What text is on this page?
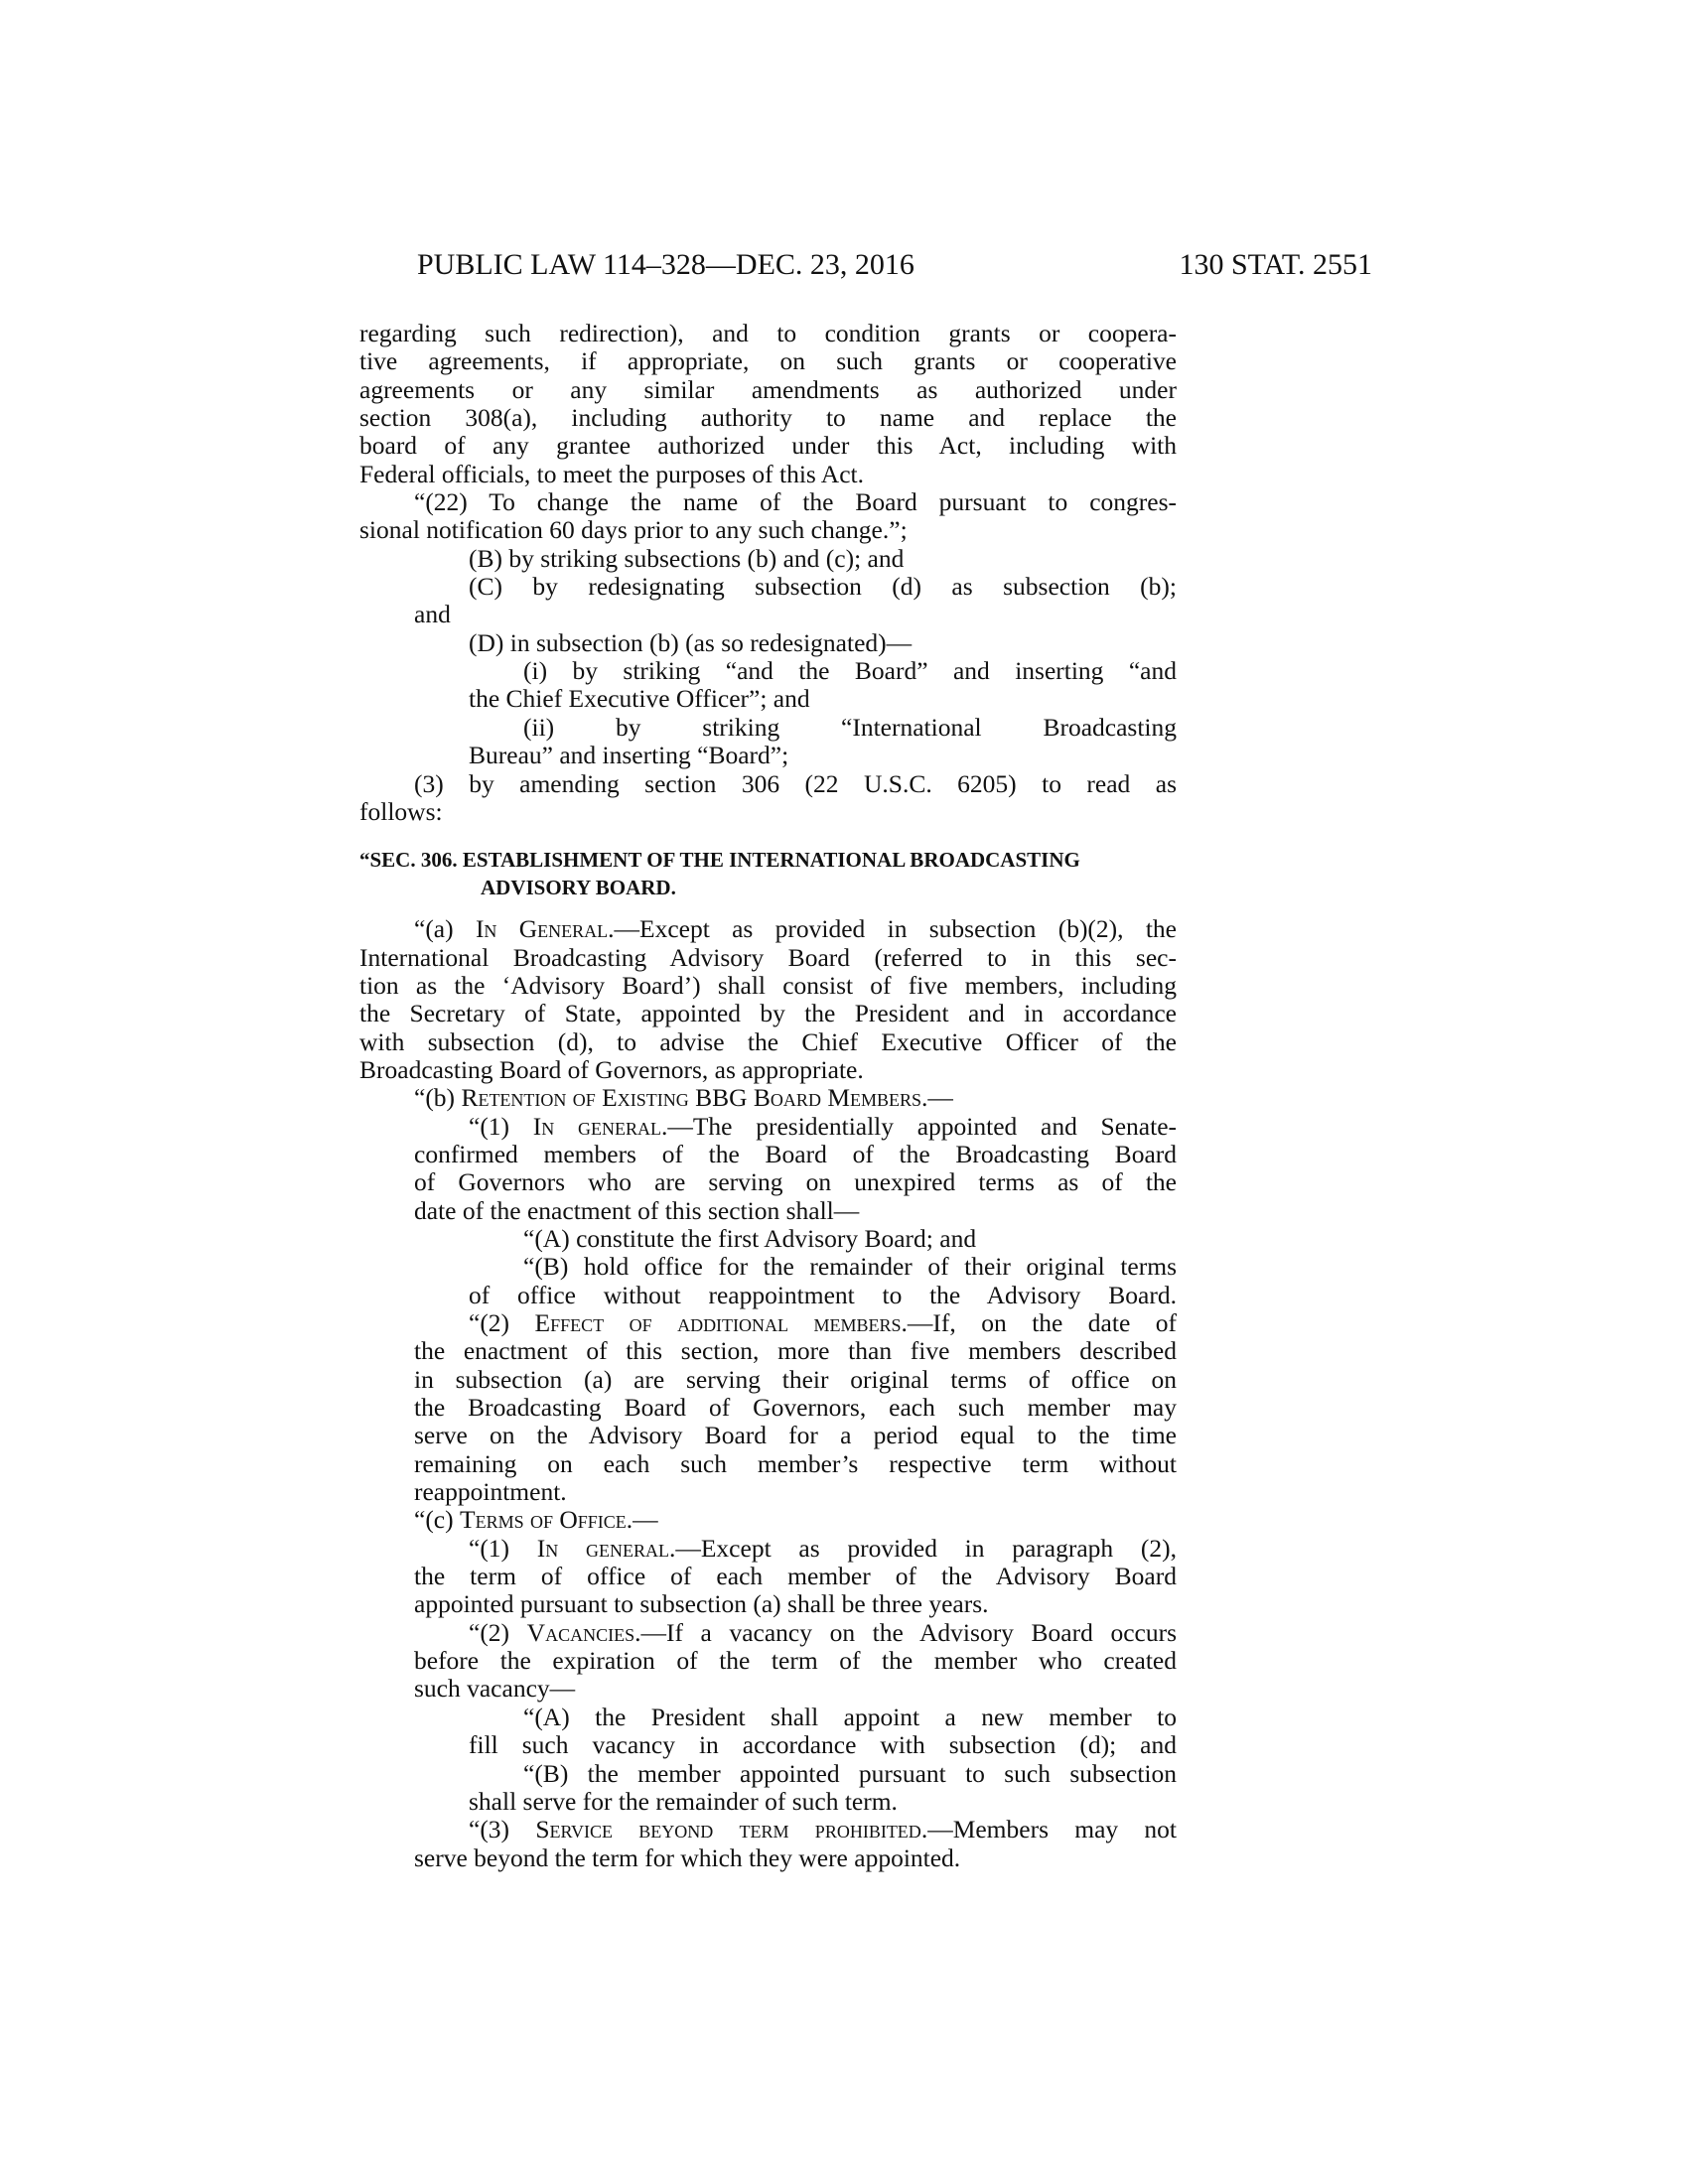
PUBLIC LAW 114–328—DEC. 23, 2016	130 STAT. 2551
regarding such redirection), and to condition grants or coopera-
tive agreements, if appropriate, on such grants or cooperative
agreements or any similar amendments as authorized under
section 308(a), including authority to name and replace the
board of any grantee authorized under this Act, including with
Federal officials, to meet the purposes of this Act.
“(22) To change the name of the Board pursuant to congres-
sional notification 60 days prior to any such change.”;
(B) by striking subsections (b) and (c); and
(C) by redesignating subsection (d) as subsection (b);
and
(D) in subsection (b) (as so redesignated)—
(i) by striking “and the Board” and inserting “and
the Chief Executive Officer”; and
(ii) by striking “International Broadcasting
Bureau” and inserting “Board”;
(3) by amending section 306 (22 U.S.C. 6205) to read as
follows:
“SEC. 306. ESTABLISHMENT OF THE INTERNATIONAL BROADCASTING
ADVISORY BOARD.
“(a) In General.—Except as provided in subsection (b)(2), the
International Broadcasting Advisory Board (referred to in this sec-
tion as the ‘Advisory Board’) shall consist of five members, including
the Secretary of State, appointed by the President and in accordance
with subsection (d), to advise the Chief Executive Officer of the
Broadcasting Board of Governors, as appropriate.
“(b) Retention of Existing BBG Board Members.—
“(1) In general.—The presidentially appointed and Senate-
confirmed members of the Board of the Broadcasting Board
of Governors who are serving on unexpired terms as of the
date of the enactment of this section shall—
“(A) constitute the first Advisory Board; and
“(B) hold office for the remainder of their original terms
of office without reappointment to the Advisory Board.
“(2) Effect of additional members.—If, on the date of
the enactment of this section, more than five members described
in subsection (a) are serving their original terms of office on
the Broadcasting Board of Governors, each such member may
serve on the Advisory Board for a period equal to the time
remaining on each such member’s respective term without
reappointment.
“(c) Terms of Office.—
“(1) In general.—Except as provided in paragraph (2),
the term of office of each member of the Advisory Board
appointed pursuant to subsection (a) shall be three years.
“(2) Vacancies.—If a vacancy on the Advisory Board occurs
before the expiration of the term of the member who created
such vacancy—
“(A) the President shall appoint a new member to
fill such vacancy in accordance with subsection (d); and
“(B) the member appointed pursuant to such subsection
shall serve for the remainder of such term.
“(3) Service beyond term prohibited.—Members may not
serve beyond the term for which they were appointed.
